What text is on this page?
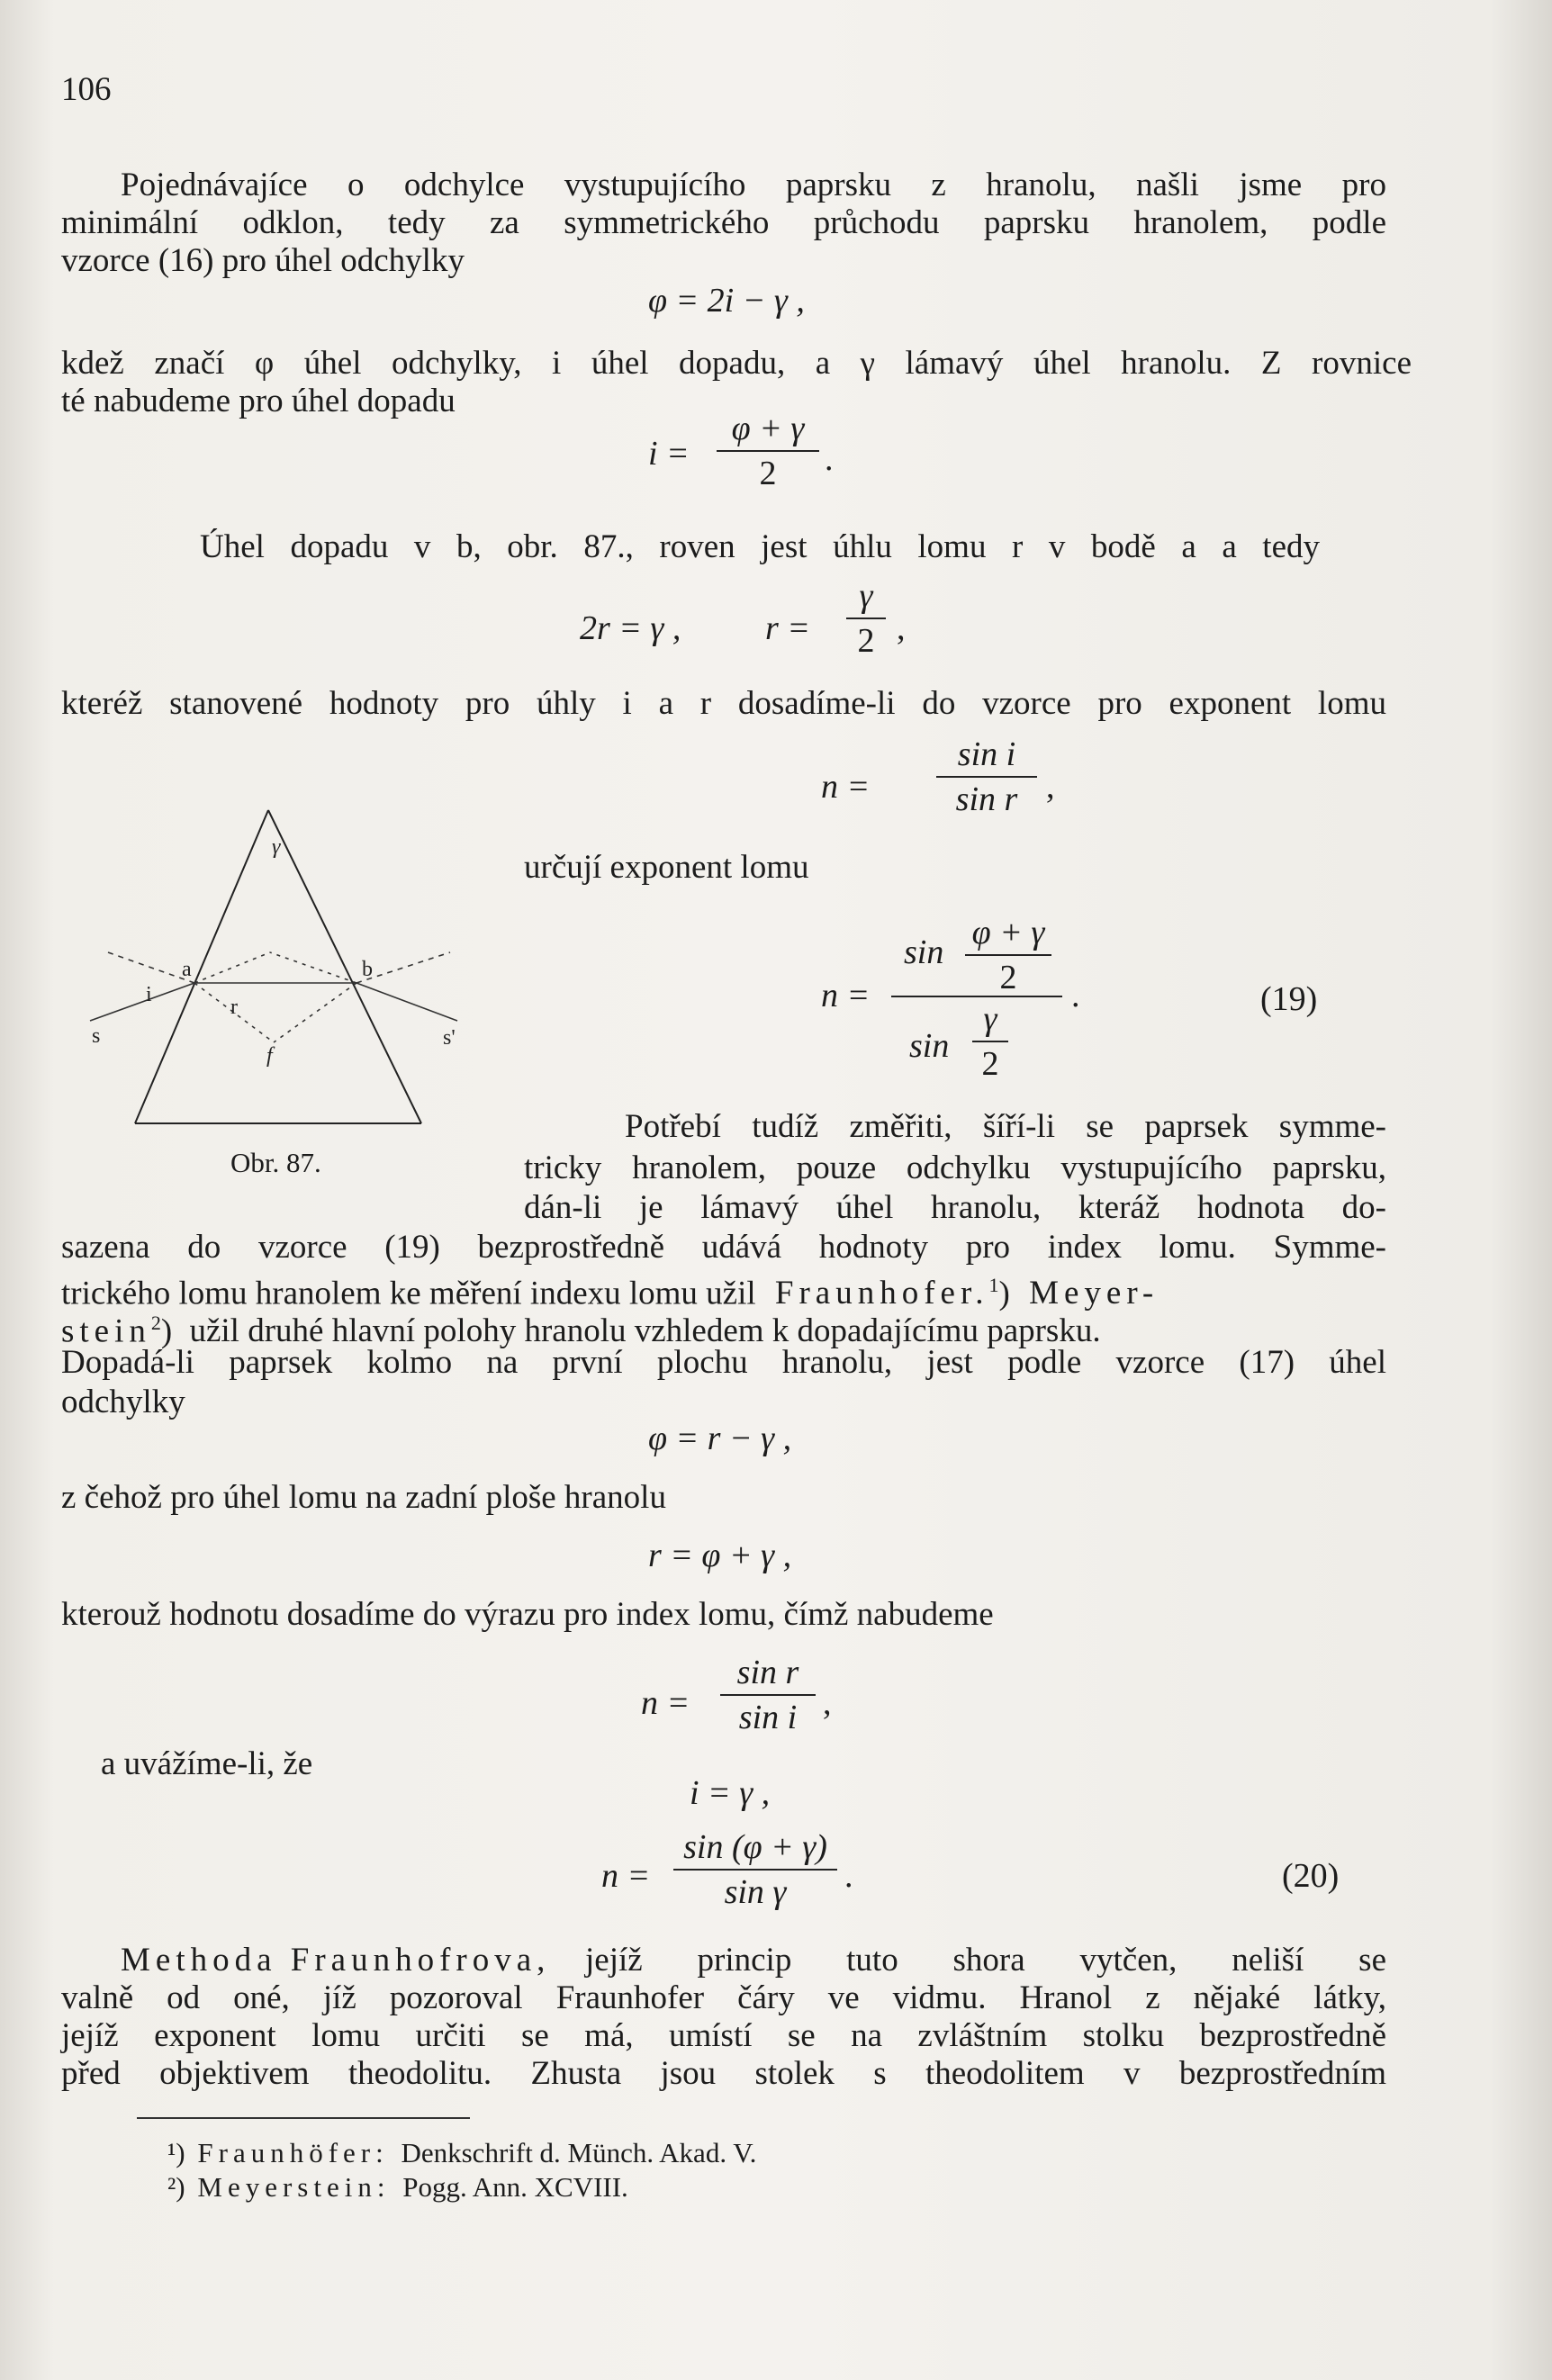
106
Pojednávajíce o odchylce vystupujícího paprsku z hranolu, našli jsme pro
minimální odklon, tedy za symmetrického průchodu paprsku hranolem, podle
vzorce (16) pro úhel odchylky
φ = 2i − γ ,
kdež značí φ úhel odchylky, i úhel dopadu, a γ lámavý úhel hranolu. Z rovnice
té nabudeme pro úhel dopadu
i =
φ + γ
2	.
Úhel dopadu v b, obr. 87., roven jest úhlu lomu r v bodě a a tedy
2r = γ , r =
γ
2 ,
kteréž stanovené hodnoty pro úhly i a r dosadíme-li do vzorce pro exponent lomu
n =
sin i
sin r ,
určují exponent lomu
n =
sin
φ + γ
2
sin
γ
2
.	(19)
γ
a	b
i
r
f
s	s'
Obr. 87.
Potřebí tudíž změřiti, šíří-li se paprsek symme-
tricky hranolem, pouze odchylku vystupujícího paprsku,
dán-li je lámavý úhel hranolu, kteráž hodnota do-
sazena do vzorce (19) bezprostředně udává hodnoty pro index lomu. Symme-
trického lomu hranolem ke měření indexu lomu užil Fraunhofer.$^1$) Meyer-
stein$^2$) užil druhé hlavní polohy hranolu vzhledem k dopadajícímu paprsku.
Dopadá-li paprsek kolmo na první plochu hranolu, jest podle vzorce (17) úhel
odchylky
φ = r − γ ,
z čehož pro úhel lomu na zadní ploše hranolu
r = φ + γ ,
kterouž hodnotu dosadíme do výrazu pro index lomu, čímž nabudeme
n =
sin r
sin i ,
a uvážíme-li, že
i = γ ,
n =
sin (φ + γ)
sin γ	.	(20)
Methoda Fraunhofrova, jejíž princip tuto shora vytčen, neliší se
valně od oné, jíž pozoroval Fraunhofer čáry ve vidmu. Hranol z nějaké látky,
jejíž exponent lomu určiti se má, umístí se na zvláštním stolku bezprostředně
před objektivem theodolitu. Zhusta jsou stolek s theodolitem v bezprostředním
¹) Fraunhöfer: Denkschrift d. Münch. Akad. V.
²) Meyerstein: Pogg. Ann. XCVIII.
